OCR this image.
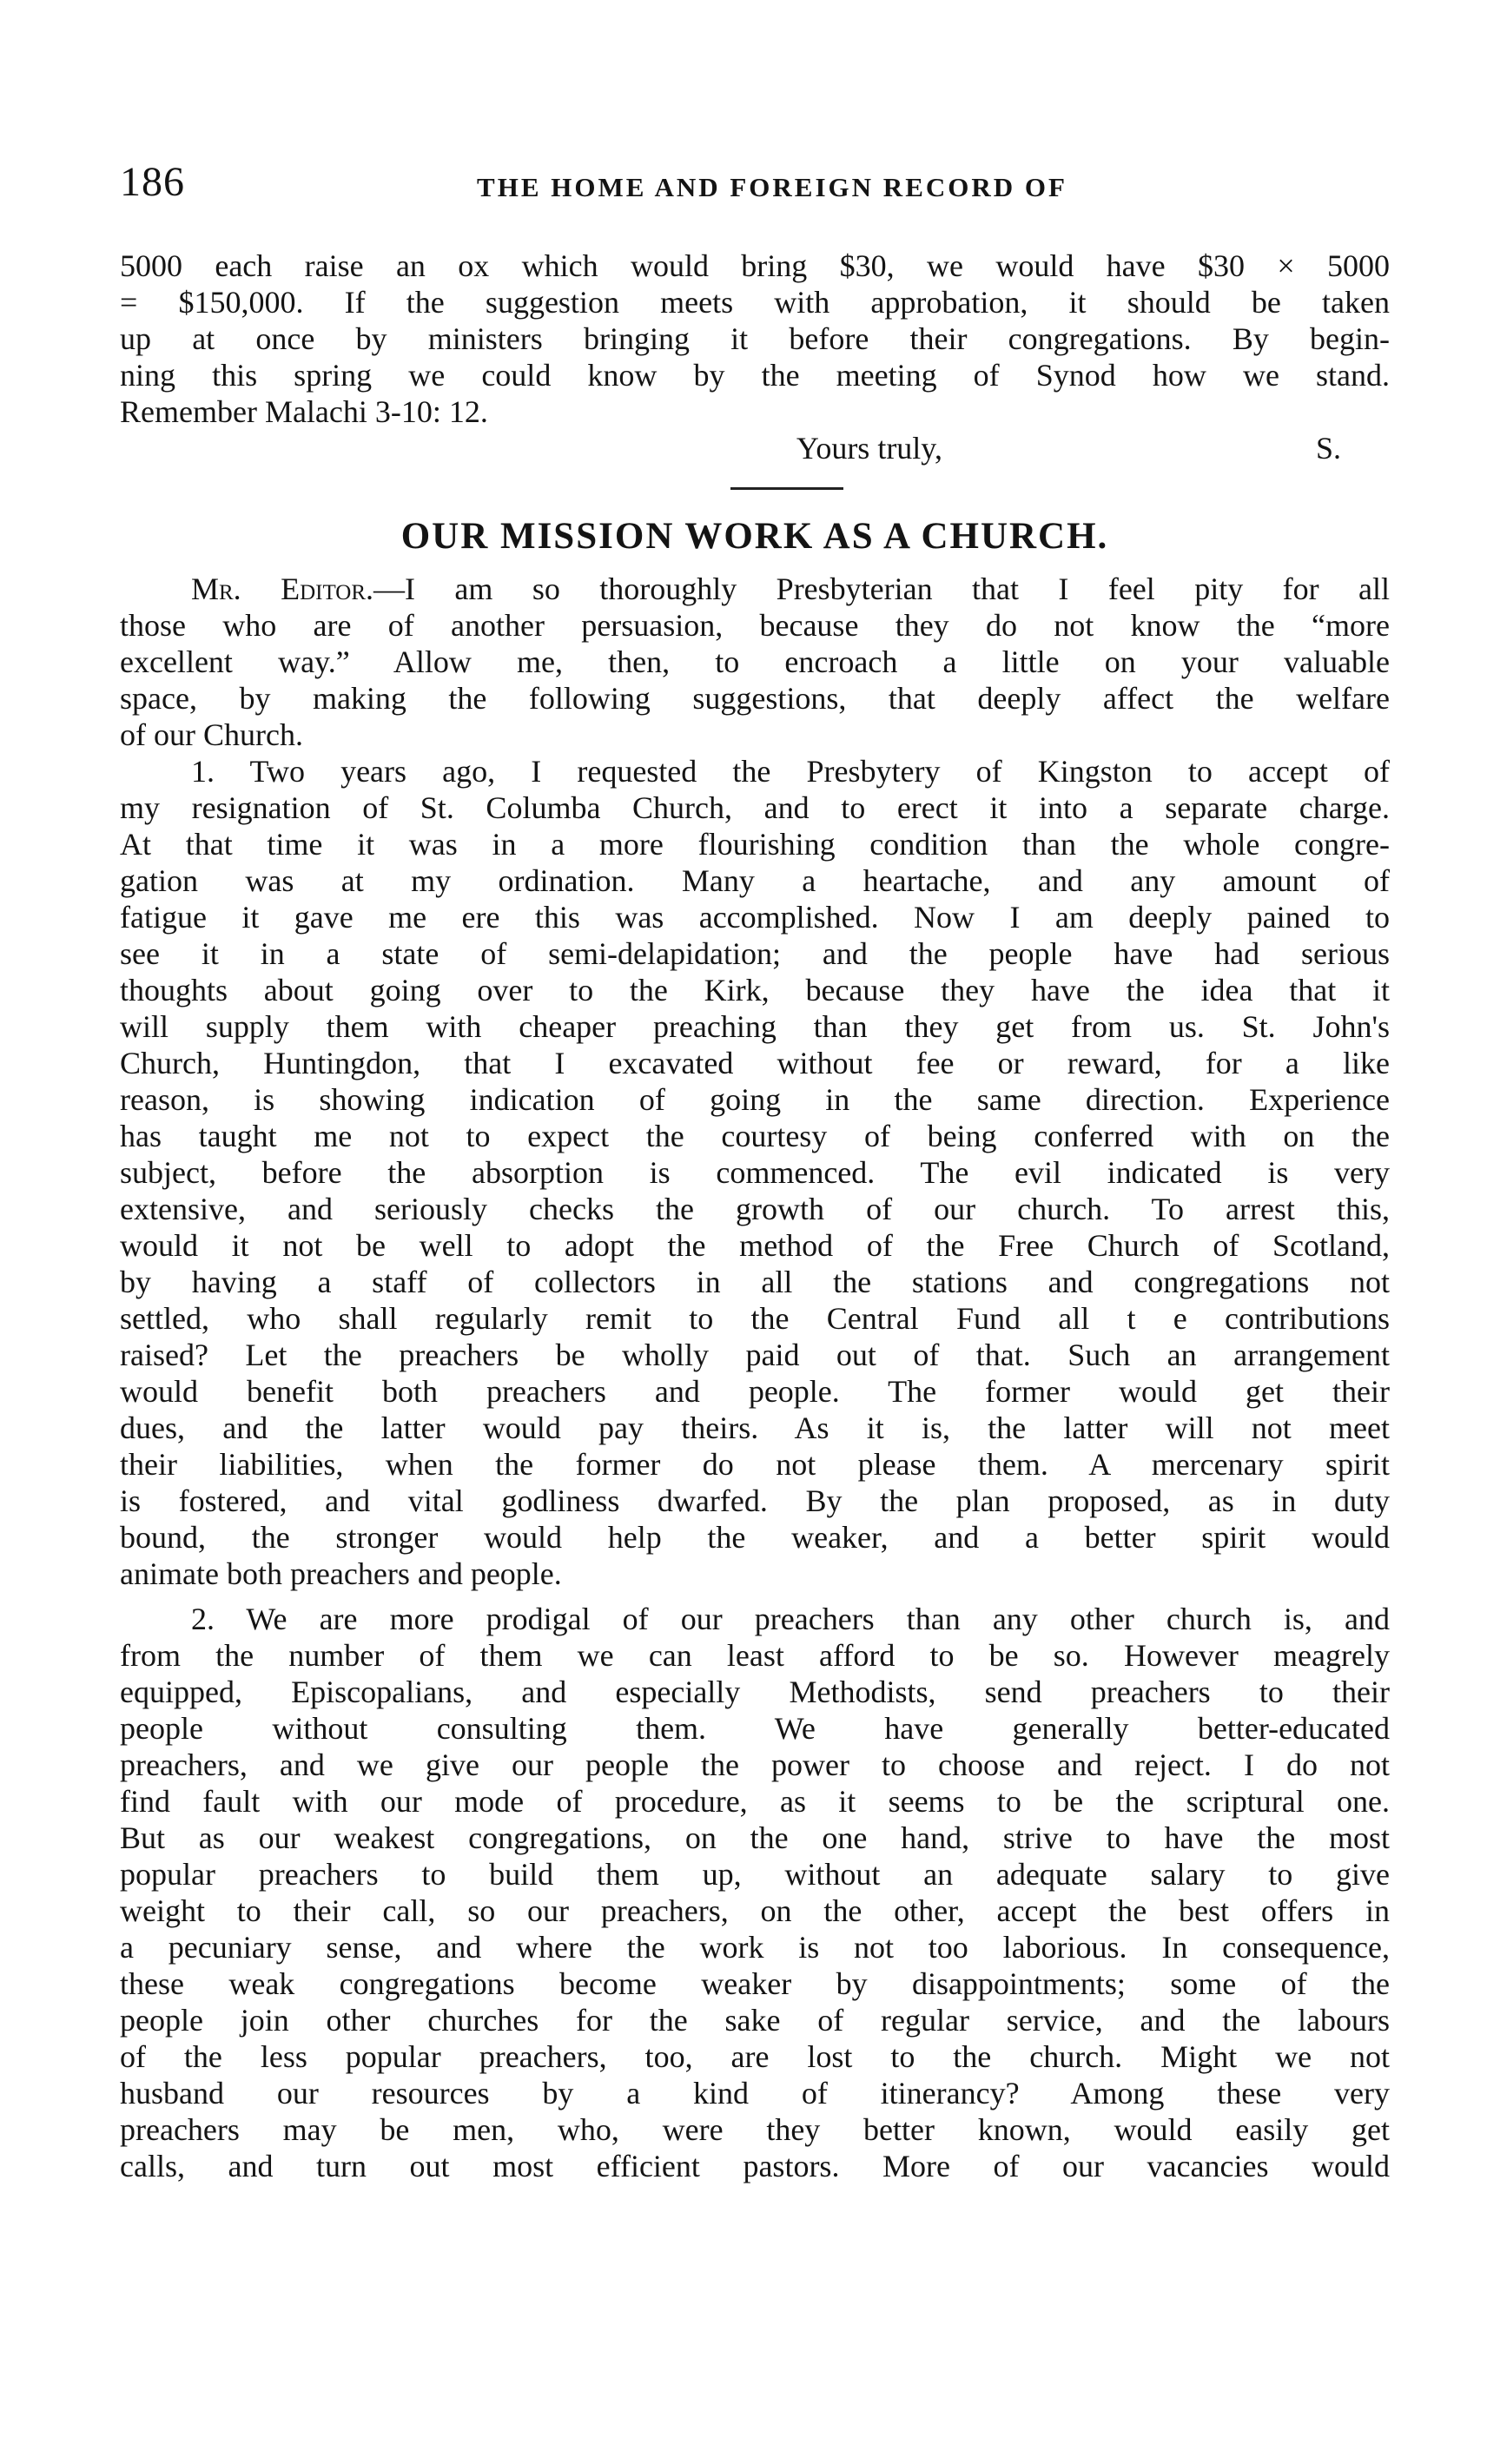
186	THE HOME AND FOREIGN RECORD OF
5000 each raise an ox which would bring $30, we would have $30 × 5000
= $150,000. If the suggestion meets with approbation, it should be taken
up at once by ministers bringing it before their congregations. By begin-
ning this spring we could know by the meeting of Synod how we stand.
Remember Malachi 3-10: 12.
Yours truly,	S.
OUR MISSION WORK AS A CHURCH.
Mr. Editor.—I am so thoroughly Presbyterian that I feel pity for all
those who are of another persuasion, because they do not know the “more
excellent way.” Allow me, then, to encroach a little on your valuable
space, by making the following suggestions, that deeply affect the welfare
of our Church.
1. Two years ago, I requested the Presbytery of Kingston to accept of
my resignation of St. Columba Church, and to erect it into a separate charge.
At that time it was in a more flourishing condition than the whole congre-
gation was at my ordination. Many a heartache, and any amount of
fatigue it gave me ere this was accomplished. Now I am deeply pained to
see it in a state of semi-delapidation; and the people have had serious
thoughts about going over to the Kirk, because they have the idea that it
will supply them with cheaper preaching than they get from us. St. John's
Church, Huntingdon, that I excavated without fee or reward, for a like
reason, is showing indication of going in the same direction. Experience
has taught me not to expect the courtesy of being conferred with on the
subject, before the absorption is commenced. The evil indicated is very
extensive, and seriously checks the growth of our church. To arrest this,
would it not be well to adopt the method of the Free Church of Scotland,
by having a staff of collectors in all the stations and congregations not
settled, who shall regularly remit to the Central Fund all t e contributions
raised? Let the preachers be wholly paid out of that. Such an arrangement
would benefit both preachers and people. The former would get their
dues, and the latter would pay theirs. As it is, the latter will not meet
their liabilities, when the former do not please them. A mercenary spirit
is fostered, and vital godliness dwarfed. By the plan proposed, as in duty
bound, the stronger would help the weaker, and a better spirit would
animate both preachers and people.
2. We are more prodigal of our preachers than any other church is, and
from the number of them we can least afford to be so. However meagrely
equipped, Episcopalians, and especially Methodists, send preachers to their
people without consulting them. We have generally better-educated
preachers, and we give our people the power to choose and reject. I do not
find fault with our mode of procedure, as it seems to be the scriptural one.
But as our weakest congregations, on the one hand, strive to have the most
popular preachers to build them up, without an adequate salary to give
weight to their call, so our preachers, on the other, accept the best offers in
a pecuniary sense, and where the work is not too laborious. In consequence,
these weak congregations become weaker by disappointments; some of the
people join other churches for the sake of regular service, and the labours
of the less popular preachers, too, are lost to the church. Might we not
husband our resources by a kind of itinerancy? Among these very
preachers may be men, who, were they better known, would easily get
calls, and turn out most efficient pastors. More of our vacancies would
